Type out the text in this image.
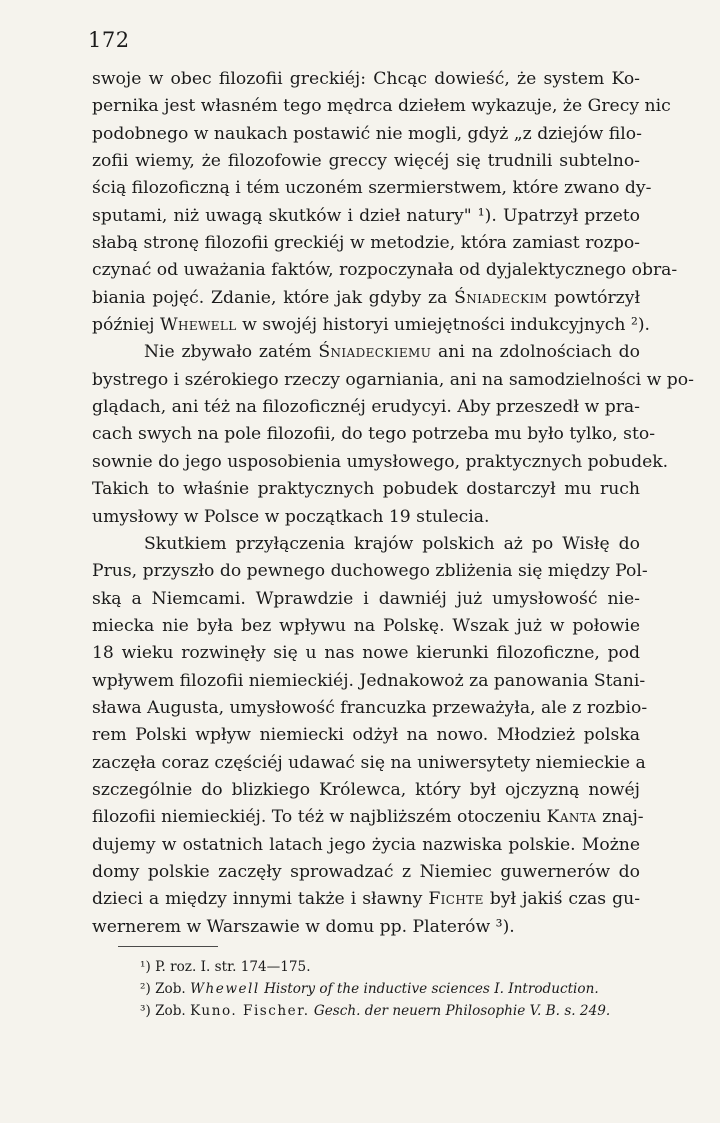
172
swoje w obec filozofii greckiéj: Chcąc dowieść, że system Ko-
pernika jest własném tego mędrca dziełem wykazuje, że Grecy nic
podobnego w naukach postawić nie mogli, gdyż „z dziejów filo-
zofii wiemy, że filozofowie greccy więcéj się trudnili subtelno-
ścią filozoficzną i tém uczoném szermierstwem, które zwano dy-
sputami, niż uwagą skutków i dzieł natury" ¹). Upatrzył przeto
słabą stronę filozofii greckiéj w metodzie, która zamiast rozpo-
czynać od uważania faktów, rozpoczynała od dyjalektycznego obra-
biania pojęć. Zdanie, które jak gdyby za Śniadeckim powtórzył
później Whewell w swojéj historyi umiejętności indukcyjnych ²).
Nie zbywało zatém Śniadeckiemu ani na zdolnościach do
bystrego i szérokiego rzeczy ogarniania, ani na samodzielności w po-
glądach, ani téż na filozoficznéj erudycyi. Aby przeszedł w pra-
cach swych na pole filozofii, do tego potrzeba mu było tylko, sto-
sownie do jego usposobienia umysłowego, praktycznych pobudek.
Takich to właśnie praktycznych pobudek dostarczył mu ruch
umysłowy w Polsce w początkach 19 stulecia.
Skutkiem przyłączenia krajów polskich aż po Wisłę do
Prus, przyszło do pewnego duchowego zbliżenia się między Pol-
ską a Niemcami. Wprawdzie i dawniéj już umysłowość nie-
miecka nie była bez wpływu na Polskę. Wszak już w połowie
18 wieku rozwinęły się u nas nowe kierunki filozoficzne, pod
wpływem filozofii niemieckiéj. Jednakowoż za panowania Stani-
sława Augusta, umysłowość francuzka przeważyła, ale z rozbio-
rem Polski wpływ niemiecki odżył na nowo. Młodzież polska
zaczęła coraz częściéj udawać się na uniwersytety niemieckie a
szczególnie do blizkiego Królewca, który był ojczyzną nowéj
filozofii niemieckiéj. To téż w najbliższém otoczeniu Kanta znaj-
dujemy w ostatnich latach jego życia nazwiska polskie. Możne
domy polskie zaczęły sprowadzać z Niemiec guwernerów do
dzieci a między innymi także i sławny Fichte był jakiś czas gu-
wernerem w Warszawie w domu pp. Platerów ³).
¹) P. roz. I. str. 174—175.
²) Zob. Whewell History of the inductive sciences I. Introduction.
³) Zob. Kuno. Fischer. Gesch. der neuern Philosophie V. B. s. 249.
